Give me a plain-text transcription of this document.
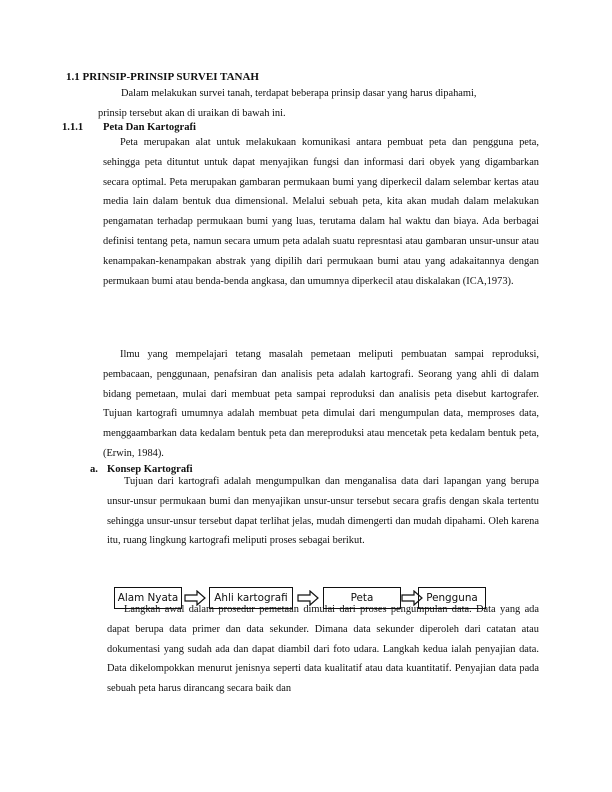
1.1 PRINSIP-PRINSIP SURVEI TANAH
Dalam melakukan survei tanah, terdapat beberapa prinsip dasar yang harus dipahami,
prinsip tersebut akan di uraikan di bawah ini.
1.1.1 Peta Dan Kartografi
Peta merupakan alat untuk melakukaan komunikasi antara pembuat peta dan pengguna peta, sehingga peta dituntut untuk dapat menyajikan fungsi dan informasi dari obyek yang digambarkan secara optimal. Peta merupakan gambaran permukaan bumi yang diperkecil dalam selembar kertas atau media lain dalam bentuk dua dimensional. Melalui sebuah peta, kita akan mudah dalam melakukan pengamatan terhadap permukaan bumi yang luas, terutama dalam hal waktu dan biaya. Ada berbagai definisi tentang peta, namun secara umum peta adalah suatu represntasi atau gambaran unsur-unsur atau kenampakan-kenampakan abstrak yang dipilih dari permukaan bumi atau yang adakaitannya dengan permukaan bumi atau benda-benda angkasa, dan umumnya diperkecil atau diskalakan (ICA,1973).
Ilmu yang mempelajari tetang masalah pemetaan meliputi pembuatan sampai reproduksi, pembacaan, penggunaan, penafsiran dan analisis peta adalah kartografi. Seorang yang ahli di dalam bidang pemetaan, mulai dari membuat peta sampai reproduksi dan analisis peta disebut kartografer. Tujuan kartografi umumnya adalah membuat peta dimulai dari mengumpulan data, memproses data, menggaambarkan data kedalam bentuk peta dan mereproduksi atau mencetak peta kedalam bentuk peta, (Erwin, 1984).
a. Konsep Kartografi
Tujuan dari kartografi adalah mengumpulkan dan menganalisa data dari lapangan yang berupa unsur-unsur permukaan bumi dan menyajikan unsur-unsur tersebut secara grafis dengan skala tertentu sehingga unsur-unsur tersebut dapat terlihat jelas, mudah dimengerti dan mudah dipahami. Oleh karena itu, ruang lingkung kartografi meliputi proses sebagai berikut.
Alam Nyata	Ahli kartografi	Peta	Pengguna
Langkah awal dalam prosedur pemetaan dimulai dari proses pengumpulan data. Data yang ada dapat berupa data primer dan data sekunder. Dimana data sekunder diperoleh dari catatan atau dokumentasi yang sudah ada dan dapat diambil dari foto udara. Langkah kedua ialah penyajian data. Data dikelompokkan menurut jenisnya seperti data kualitatif atau data kuantitatif. Penyajian data pada sebuah peta harus dirancang secara baik dan
